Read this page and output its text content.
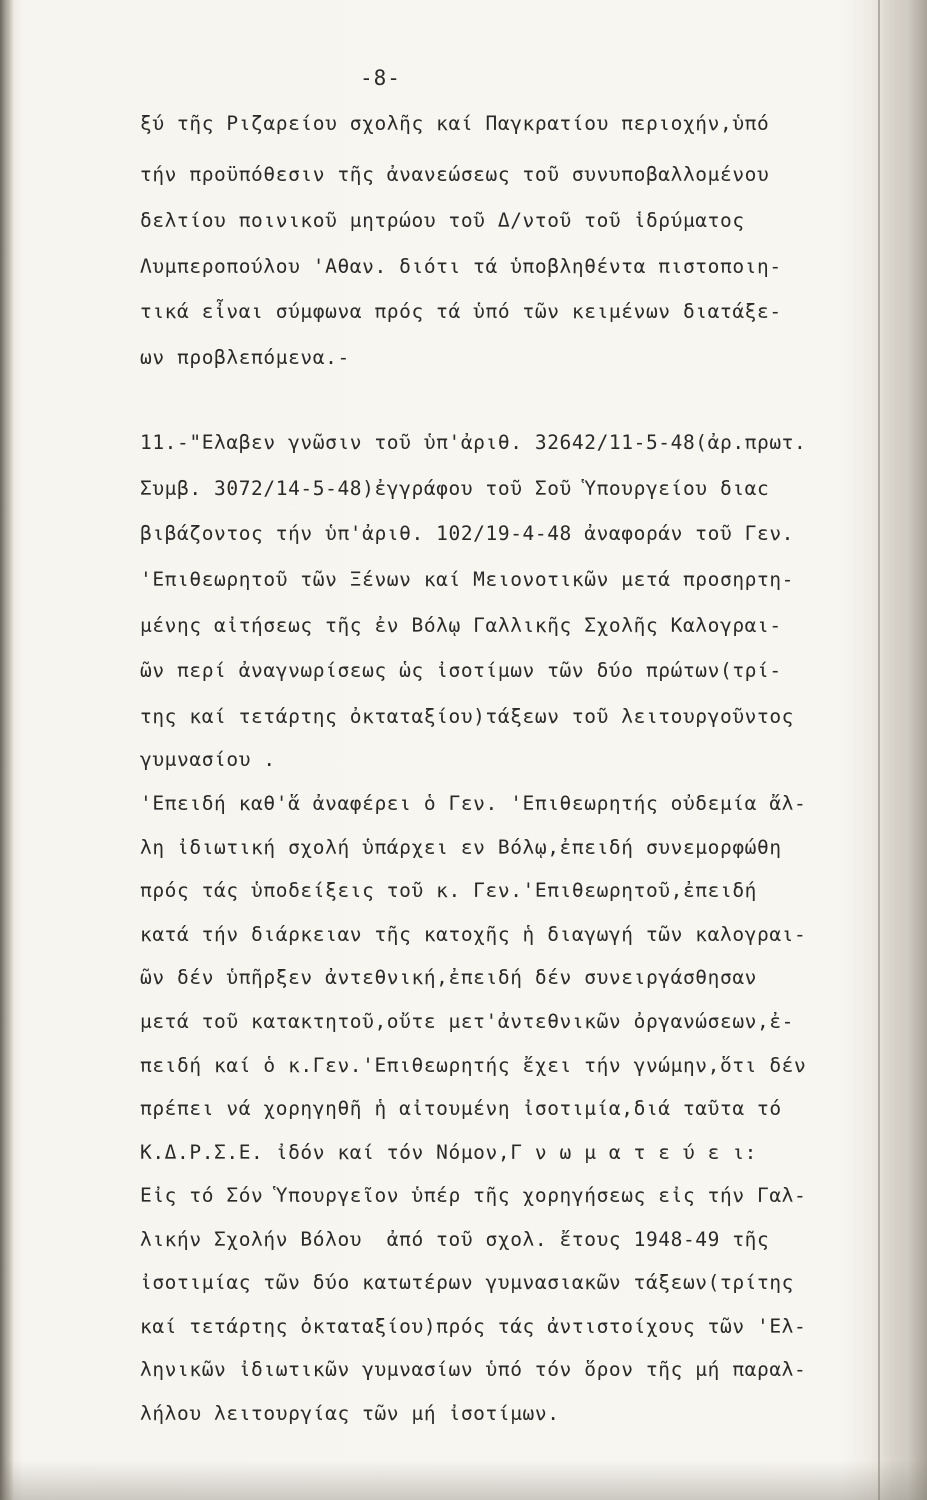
-8-
ξύ τῆς Ριζαρείου σχολῆς καί Παγκρατίου περιοχήν,ὑπό
τήν προϋπόθεσιν τῆς ἀνανεώσεως τοῦ συνυποβαλλομένου
δελτίου ποινικοῦ μητρώου τοῦ Δ/ντοῦ τοῦ ἱδρύματος
Λυμπεροπούλου 'Αθαν. διότι τά ὑποβληθέντα πιστοποιη-
τικά εἶναι σύμφωνα πρός τά ὑπό τῶν κειμένων διατάξε-
ων προβλεπόμενα.-
11.-"Ελαβεν γνῶσιν τοῦ ὑπ'ἀριθ. 32642/11-5-48(ἀρ.πρωτ.
Συμβ. 3072/14-5-48)ἐγγράφου τοῦ Σοῦ Ὑπουργείου διαc
βιβάζοντος τήν ὑπ'ἀριθ. 102/19-4-48 ἀναφοράν τοῦ Γεν.
'Επιθεωρητοῦ τῶν Ξένων καί Μειονοτικῶν μετά προσηρτη-
μένης αἰτήσεως τῆς ἐν Βόλῳ Γαλλικῆς Σχολῆς Καλογραι-
ῶν περί ἀναγνωρίσεως ὡς ἰσοτίμων τῶν δύο πρώτων(τρί-
της καί τετάρτης ὀκταταξίου)τάξεων τοῦ λειτουργοῦντος
γυμνασίου .
'Επειδή καθ'ἅ ἀναφέρει ὁ Γεν. 'Επιθεωρητής οὐδεμία ἄλ-
λη ἰδιωτική σχολή ὑπάρχει εν Βόλῳ,ἐπειδή συνεμορφώθη
πρός τάς ὑποδείξεις τοῦ κ. Γεν.'Επιθεωρητοῦ,ἐπειδή
κατά τήν διάρκειαν τῆς κατοχῆς ἡ διαγωγή τῶν καλογραι-
ῶν δέν ὑπῆρξεν ἀντεθνική,ἐπειδή δέν συνειργάσθησαν
μετά τοῦ κατακτητοῦ,οὔτε μετ'ἀντεθνικῶν ὀργανώσεων,ἐ-
πειδή καί ὁ κ.Γεν.'Επιθεωρητής ἔχει τήν γνώμην,ὅτι δέν
πρέπει νά χορηγηθῆ ἡ αἰτουμένη ἰσοτιμία,διά ταῦτα τό
Κ.Δ.Ρ.Σ.Ε. ἰδόν καί τόν Νόμον,Γ ν ω μ α τ ε ύ ε ι:
Εἰς τό Σόν Ὑπουργεῖον ὑπέρ τῆς χορηγήσεως εἰς τήν Γαλ-
λικήν Σχολήν Βόλου  ἀπό τοῦ σχολ. ἔτους 1948-49 τῆς
ἰσοτιμίας τῶν δύο κατωτέρων γυμνασιακῶν τάξεων(τρίτης
καί τετάρτης ὀκταταξίου)πρός τάς ἀντιστοίχους τῶν 'Ελ-
ληνικῶν ἰδιωτικῶν γυμνασίων ὑπό τόν ὅρον τῆς μή παραλ-
λήλου λειτουργίας τῶν μή ἰσοτίμων.
